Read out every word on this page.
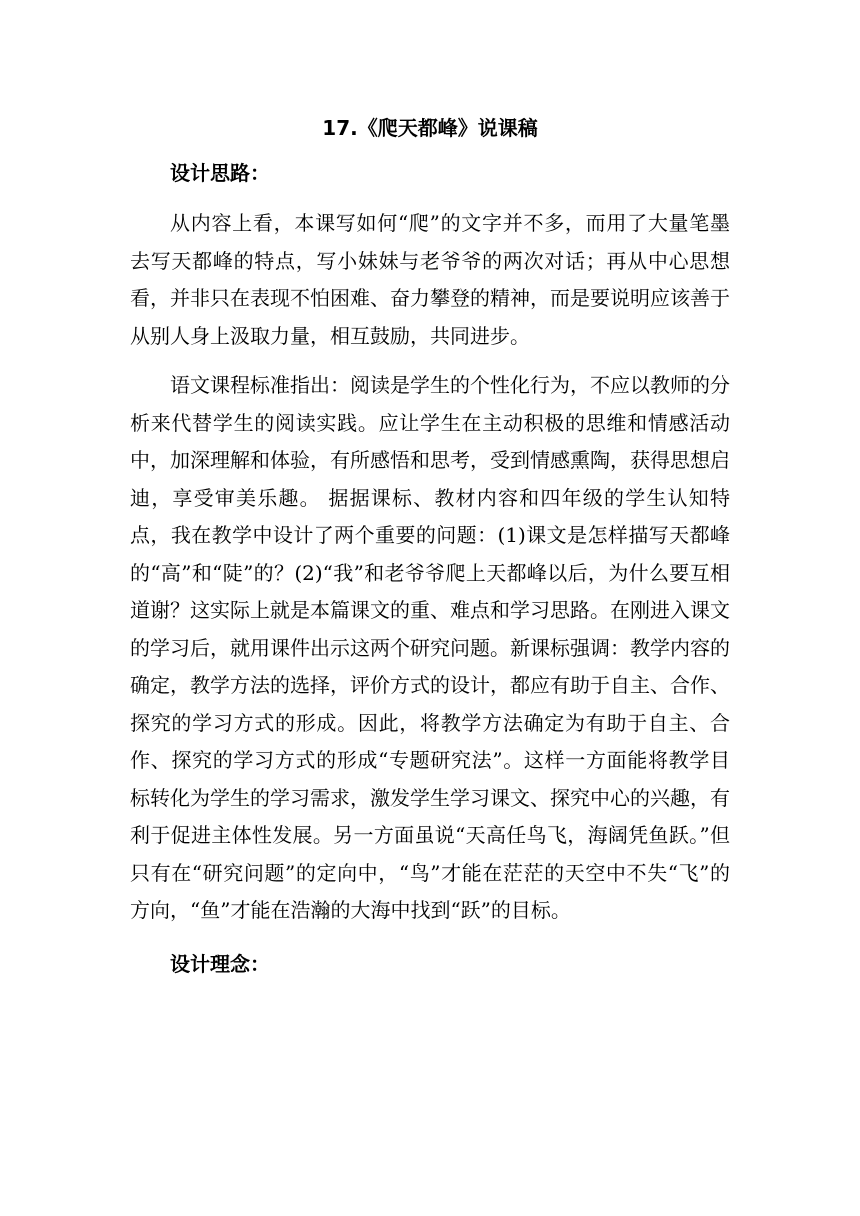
17.《爬天都峰》说课稿
设计思路：

从内容上看，本课写如何“爬”的文字并不多，而用了大量笔墨去写天都峰的特点，写小妹妹与老爷爷的两次对话；再从中心思想看，并非只在表现不怕困难、奋力攀登的精神，而是要说明应该善于从别人身上汲取力量，相互鼓励，共同进步。

语文课程标准指出：阅读是学生的个性化行为，不应以教师的分析来代替学生的阅读实践。应让学生在主动积极的思维和情感活动中，加深理解和体验，有所感悟和思考，受到情感熏陶，获得思想启迪，享受审美乐趣。 据据课标、教材内容和四年级的学生认知特点，我在教学中设计了两个重要的问题：(1)课文是怎样描写天都峰的“高”和“陡”的？(2)“我”和老爷爷爬上天都峰以后，为什么要互相道谢？这实际上就是本篇课文的重、难点和学习思路。在刚进入课文的学习后，就用课件出示这两个研究问题。新课标强调：教学内容的确定，教学方法的选择，评价方式的设计，都应有助于自主、合作、探究的学习方式的形成。因此，将教学方法确定为有助于自主、合作、探究的学习方式的形成“专题研究法”。这样一方面能将教学目标转化为学生的学习需求，激发学生学习课文、探究中心的兴趣，有利于促进主体性发展。另一方面虽说“天高任鸟飞，海阔凭鱼跃。”但只有在“研究问题”的定向中，“鸟”才能在茫茫的天空中不失“飞”的方向，“鱼”才能在浩瀚的大海中找到“跃”的目标。

设计理念：
